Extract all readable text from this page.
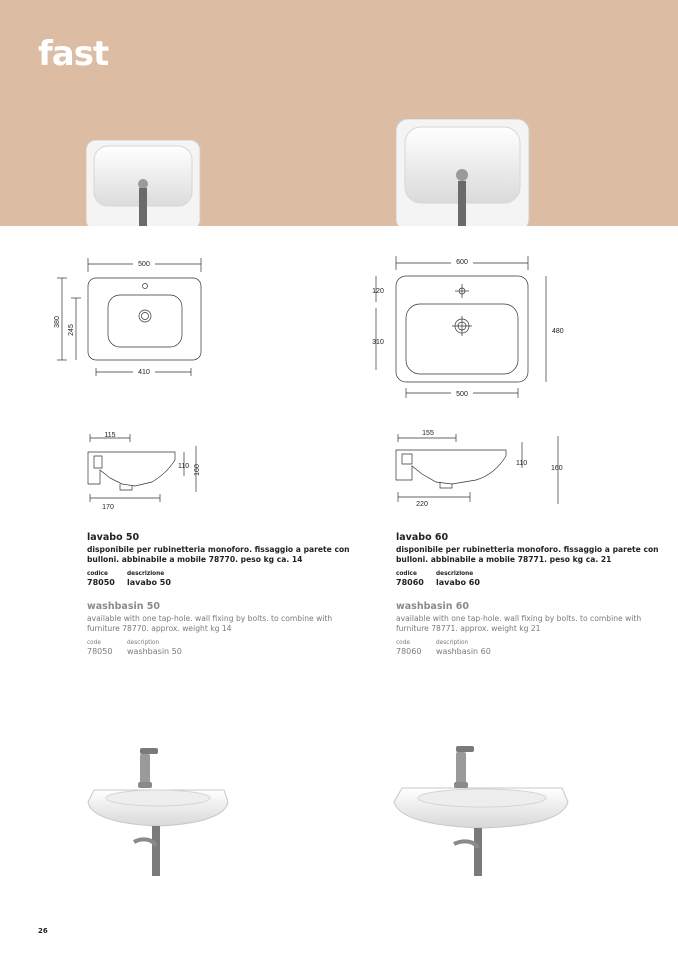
fast
500
380
245
410
115
110 160
170
600
120
310
480
500
155
110
160
220
lavabo 50
disponibile per rubinetteria monoforo. fissaggio a parete con bulloni. abbinabile a mobile 78770. peso kg ca. 14
codice	descrizione
78050	lavabo 50
washbasin 50
available with one tap-hole. wall fixing by bolts. to combine with furniture 78770. approx. weight kg 14
code	description
78050	washbasin 50
lavabo 60
disponibile per rubinetteria monoforo. fissaggio a parete con bulloni. abbinabile a mobile 78771. peso kg ca. 21
codice	descrizione
78060	lavabo 60
washbasin 60
available with one tap-hole. wall fixing by bolts. to combine with furniture 78771. approx. weight kg 21
code	description
78060	washbasin 60
26
